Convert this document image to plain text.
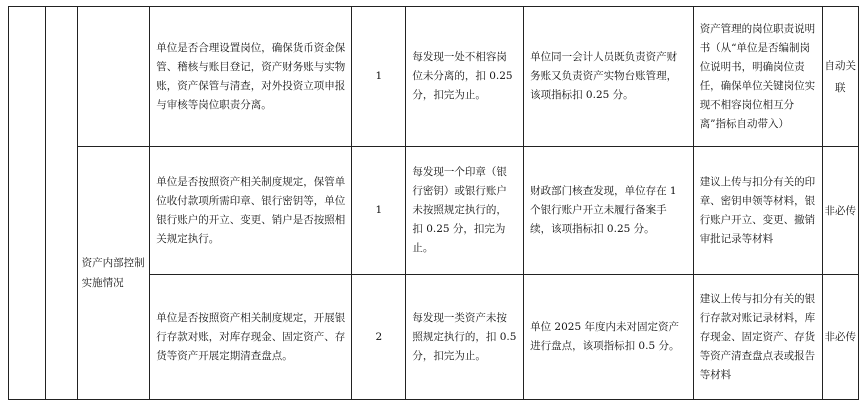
			单位是否合理设置岗位，确保货币资金保管、稽核与账目登记，资产财务账与实物账，资产保管与清查，对外投资立项申报与审核等岗位职责分离。	1	每发现一处不相容岗位未分离的，扣 0.25 分，扣完为止。	单位同一会计人员既负责资产财务账又负责资产实物台账管理，该项指标扣 0.25 分。	资产管理的岗位职责说明书（从“单位是否编制岗位说明书，明确岗位责任，确保单位关键岗位实现不相容岗位相互分离”指标自动带入）	自动关联
		资产内部控制实施情况	单位是否按照资产相关制度规定，保管单位收付款项所需印章、银行密钥等，单位银行账户的开立、变更、销户是否按照相关规定执行。	1	每发现一个印章（银行密钥）或银行账户未按照规定执行的，扣 0.25 分，扣完为止。	财政部门核查发现，单位存在 1 个银行账户开立未履行备案手续，该项指标扣 0.25 分。	建议上传与扣分有关的印章、密钥申领等材料，银行账户开立、变更、撤销审批记录等材料	非必传
			单位是否按照资产相关制度规定，开展银行存款对账，对库存现金、固定资产、存货等资产开展定期清查盘点。	2	每发现一类资产未按照规定执行的，扣 0.5 分，扣完为止。	单位 2025 年度内未对固定资产进行盘点，该项指标扣 0.5 分。	建议上传与扣分有关的银行存款对账记录材料，库存现金、固定资产、存货等资产清查盘点表或报告等材料	非必传
